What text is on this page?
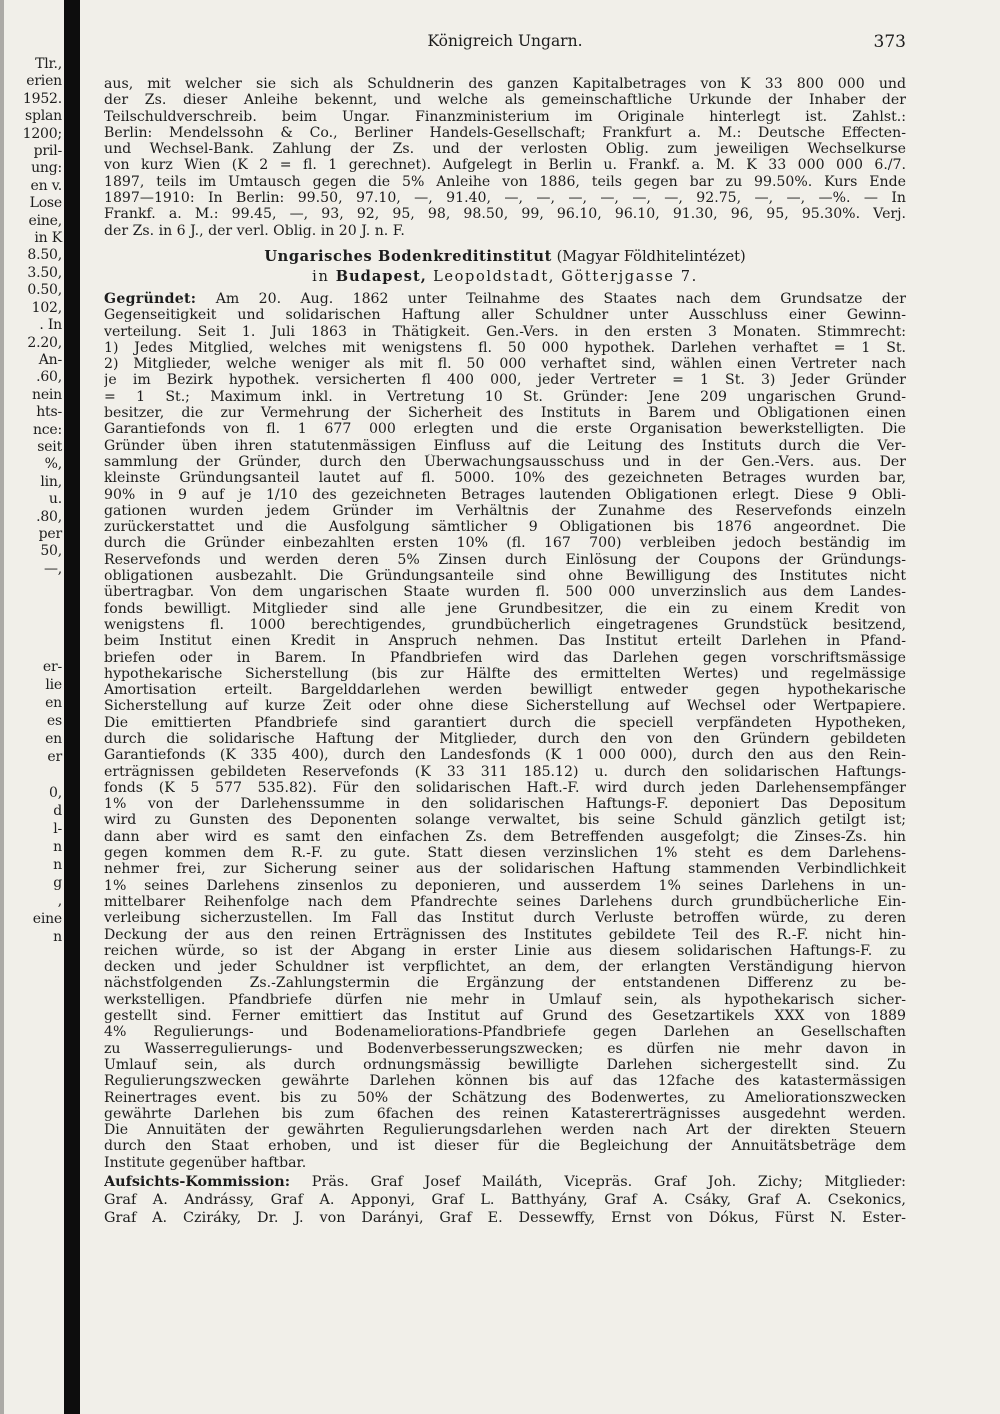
Tlr.,
erien
1952.
splan
1200;
pril-
ung:
en v.
Lose
eine,
in K
8.50,
3.50,
0.50,
102,
. In
2.20,
An-
.60,
nein
hts-
nce:
seit
%,
lin,
u.
.80,
per
50,
—,
er-
lie
en
es
en
er

0,
d
l-
n
n
g
,
eine
n
Königreich Ungarn.	373
aus, mit welcher sie sich als Schuldnerin des ganzen Kapitalbetrages von K 33 800 000 und
der Zs. dieser Anleihe bekennt, und welche als gemeinschaftliche Urkunde der Inhaber der
Teilschuldverschreib. beim Ungar. Finanzministerium im Originale hinterlegt ist. Zahlst.:
Berlin: Mendelssohn & Co., Berliner Handels-Gesellschaft; Frankfurt a. M.: Deutsche Effecten-
und Wechsel-Bank. Zahlung der Zs. und der verlosten Oblig. zum jeweiligen Wechselkurse
von kurz Wien (K 2 = fl. 1 gerechnet). Aufgelegt in Berlin u. Frankf. a. M. K 33 000 000 6./7.
1897, teils im Umtausch gegen die 5% Anleihe von 1886, teils gegen bar zu 99.50%. Kurs Ende
1897—1910: In Berlin: 99.50, 97.10, —, 91.40, —, —, —, —, —, —, 92.75, —, —, —%. — In
Frankf. a. M.: 99.45, —, 93, 92, 95, 98, 98.50, 99, 96.10, 96.10, 91.30, 96, 95, 95.30%. Verj.
der Zs. in 6 J., der verl. Oblig. in 20 J. n. F.
Ungarisches Bodenkreditinstitut (Magyar Földhitelintézet)
in Budapest, Leopoldstadt, Götterjgasse 7.
Gegründet: Am 20. Aug. 1862 unter Teilnahme des Staates nach dem Grundsatze der
Gegenseitigkeit und solidarischen Haftung aller Schuldner unter Ausschluss einer Gewinn-
verteilung. Seit 1. Juli 1863 in Thätigkeit. Gen.-Vers. in den ersten 3 Monaten. Stimmrecht:
1) Jedes Mitglied, welches mit wenigstens fl. 50 000 hypothek. Darlehen verhaftet = 1 St.
2) Mitglieder, welche weniger als mit fl. 50 000 verhaftet sind, wählen einen Vertreter nach
je im Bezirk hypothek. versicherten fl 400 000, jeder Vertreter = 1 St. 3) Jeder Gründer
= 1 St.; Maximum inkl. in Vertretung 10 St. Gründer: Jene 209 ungarischen Grund-
besitzer, die zur Vermehrung der Sicherheit des Instituts in Barem und Obligationen einen
Garantiefonds von fl. 1 677 000 erlegten und die erste Organisation bewerkstelligten. Die
Gründer üben ihren statutenmässigen Einfluss auf die Leitung des Instituts durch die Ver-
sammlung der Gründer, durch den Überwachungsausschuss und in der Gen.-Vers. aus. Der
kleinste Gründungsanteil lautet auf fl. 5000. 10% des gezeichneten Betrages wurden bar,
90% in 9 auf je 1/10 des gezeichneten Betrages lautenden Obligationen erlegt. Diese 9 Obli-
gationen wurden jedem Gründer im Verhältnis der Zunahme des Reservefonds einzeln
zurückerstattet und die Ausfolgung sämtlicher 9 Obligationen bis 1876 angeordnet. Die
durch die Gründer einbezahlten ersten 10% (fl. 167 700) verbleiben jedoch beständig im
Reservefonds und werden deren 5% Zinsen durch Einlösung der Coupons der Gründungs-
obligationen ausbezahlt. Die Gründungsanteile sind ohne Bewilligung des Institutes nicht
übertragbar. Von dem ungarischen Staate wurden fl. 500 000 unverzinslich aus dem Landes-
fonds bewilligt. Mitglieder sind alle jene Grundbesitzer, die ein zu einem Kredit von
wenigstens fl. 1000 berechtigendes, grundbücherlich eingetragenes Grundstück besitzend,
beim Institut einen Kredit in Anspruch nehmen. Das Institut erteilt Darlehen in Pfand-
briefen oder in Barem. In Pfandbriefen wird das Darlehen gegen vorschriftsmässige
hypothekarische Sicherstellung (bis zur Hälfte des ermittelten Wertes) und regelmässige
Amortisation erteilt. Bargelddarlehen werden bewilligt entweder gegen hypothekarische
Sicherstellung auf kurze Zeit oder ohne diese Sicherstellung auf Wechsel oder Wertpapiere.
Die emittierten Pfandbriefe sind garantiert durch die speciell verpfändeten Hypotheken,
durch die solidarische Haftung der Mitglieder, durch den von den Gründern gebildeten
Garantiefonds (K 335 400), durch den Landesfonds (K 1 000 000), durch den aus den Rein-
erträgnissen gebildeten Reservefonds (K 33 311 185.12) u. durch den solidarischen Haftungs-
fonds (K 5 577 535.82). Für den solidarischen Haft.-F. wird durch jeden Darlehensempfänger
1% von der Darlehenssumme in den solidarischen Haftungs-F. deponiert Das Depositum
wird zu Gunsten des Deponenten solange verwaltet, bis seine Schuld gänzlich getilgt ist;
dann aber wird es samt den einfachen Zs. dem Betreffenden ausgefolgt; die Zinses-Zs. hin
gegen kommen dem R.-F. zu gute. Statt diesen verzinslichen 1% steht es dem Darlehens-
nehmer frei, zur Sicherung seiner aus der solidarischen Haftung stammenden Verbindlichkeit
1% seines Darlehens zinsenlos zu deponieren, und ausserdem 1% seines Darlehens in un-
mittelbarer Reihenfolge nach dem Pfandrechte seines Darlehens durch grundbücherliche Ein-
verleibung sicherzustellen. Im Fall das Institut durch Verluste betroffen würde, zu deren
Deckung der aus den reinen Erträgnissen des Institutes gebildete Teil des R.-F. nicht hin-
reichen würde, so ist der Abgang in erster Linie aus diesem solidarischen Haftungs-F. zu
decken und jeder Schuldner ist verpflichtet, an dem, der erlangten Verständigung hiervon
nächstfolgenden Zs.-Zahlungstermin die Ergänzung der entstandenen Differenz zu be-
werkstelligen. Pfandbriefe dürfen nie mehr in Umlauf sein, als hypothekarisch sicher-
gestellt sind. Ferner emittiert das Institut auf Grund des Gesetzartikels XXX von 1889
4% Regulierungs- und Bodenameliorations-Pfandbriefe gegen Darlehen an Gesellschaften
zu Wasserregulierungs- und Bodenverbesserungszwecken; es dürfen nie mehr davon in
Umlauf sein, als durch ordnungsmässig bewilligte Darlehen sichergestellt sind. Zu
Regulierungszwecken gewährte Darlehen können bis auf das 12fache des katastermässigen
Reinertrages event. bis zu 50% der Schätzung des Bodenwertes, zu Ameliorationszwecken
gewährte Darlehen bis zum 6fachen des reinen Katastererträgnisses ausgedehnt werden.
Die Annuitäten der gewährten Regulierungsdarlehen werden nach Art der direkten Steuern
durch den Staat erhoben, und ist dieser für die Begleichung der Annuitätsbeträge dem
Institute gegenüber haftbar.
Aufsichts-Kommission: Präs. Graf Josef Mailáth, Vicepräs. Graf Joh. Zichy; Mitglieder:
Graf A. Andrássy, Graf A. Apponyi, Graf L. Batthyány, Graf A. Csáky, Graf A. Csekonics,
Graf A. Cziráky, Dr. J. von Darányi, Graf E. Dessewffy, Ernst von Dókus, Fürst N. Ester-
